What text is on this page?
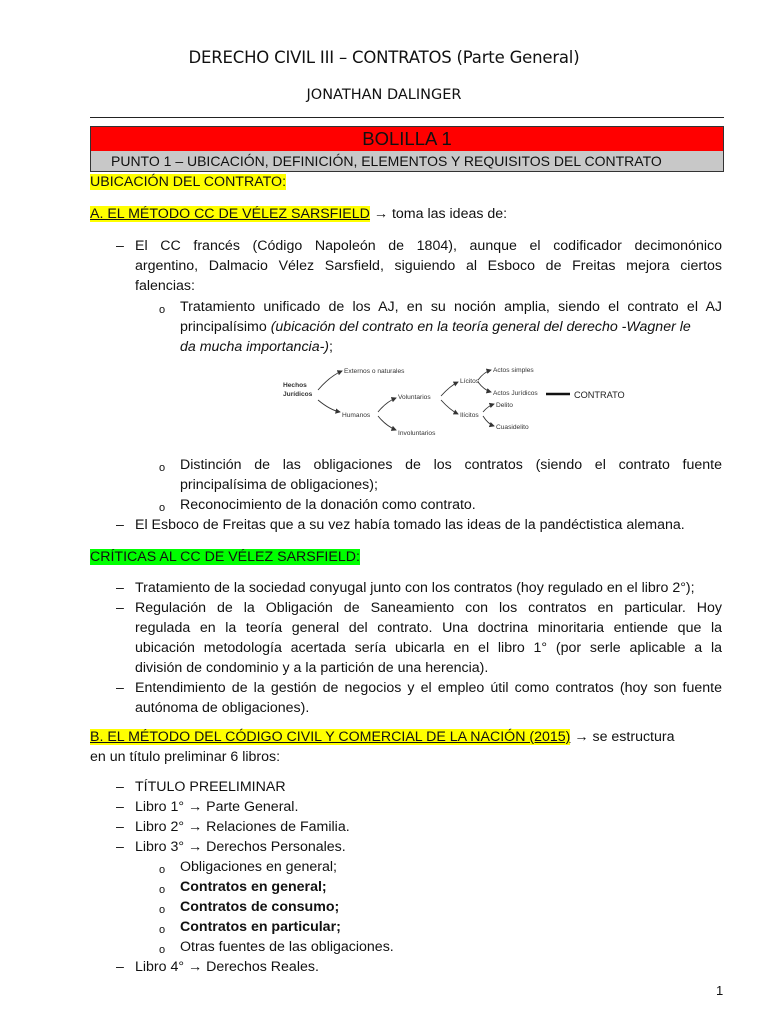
DERECHO CIVIL III – CONTRATOS (Parte General)
JONATHAN DALINGER
BOLILLA 1
PUNTO 1 – UBICACIÓN, DEFINICIÓN, ELEMENTOS Y REQUISITOS DEL CONTRATO
UBICACIÓN DEL CONTRATO:
A. EL MÉTODO CC DE VÉLEZ SARSFIELD → toma las ideas de:
– El CC francés (Código Napoleón de 1804), aunque el codificador decimonónico
argentino, Dalmacio Vélez Sarsfield, siguiendo al Esboco de Freitas mejora ciertos
falencias:
o Tratamiento unificado de los AJ, en su noción amplia, siendo el contrato el AJ
principalísimo (ubicación del contrato en la teoría general del derecho -Wagner le
da mucha importancia-);
Hechos
Jurídicos
Externos o naturales
Humanos
Voluntarios
Involuntarios
Lícitos
Ilícitos
Actos simples
Actos Jurídicos
Delito
Cuasidelito
CONTRATO
o Distinción de las obligaciones de los contratos (siendo el contrato fuente
principalísima de obligaciones);
o Reconocimiento de la donación como contrato.
– El Esboco de Freitas que a su vez había tomado las ideas de la pandéctistica alemana.
CRÍTICAS AL CC DE VÉLEZ SARSFIELD:
– Tratamiento de la sociedad conyugal junto con los contratos (hoy regulado en el libro 2°);
– Regulación de la Obligación de Saneamiento con los contratos en particular. Hoy
regulada en la teoría general del contrato. Una doctrina minoritaria entiende que la
ubicación metodología acertada sería ubicarla en el libro 1° (por serle aplicable a la
división de condominio y a la partición de una herencia).
– Entendimiento de la gestión de negocios y el empleo útil como contratos (hoy son fuente
autónoma de obligaciones).
B. EL MÉTODO DEL CÓDIGO CIVIL Y COMERCIAL DE LA NACIÓN (2015) → se estructura
en un título preliminar 6 libros:
– TÍTULO PREELIMINAR
– Libro 1° → Parte General.
– Libro 2° → Relaciones de Familia.
– Libro 3° → Derechos Personales.
o Obligaciones en general;
o Contratos en general;
o Contratos de consumo;
o Contratos en particular;
o Otras fuentes de las obligaciones.
– Libro 4° → Derechos Reales.
1
